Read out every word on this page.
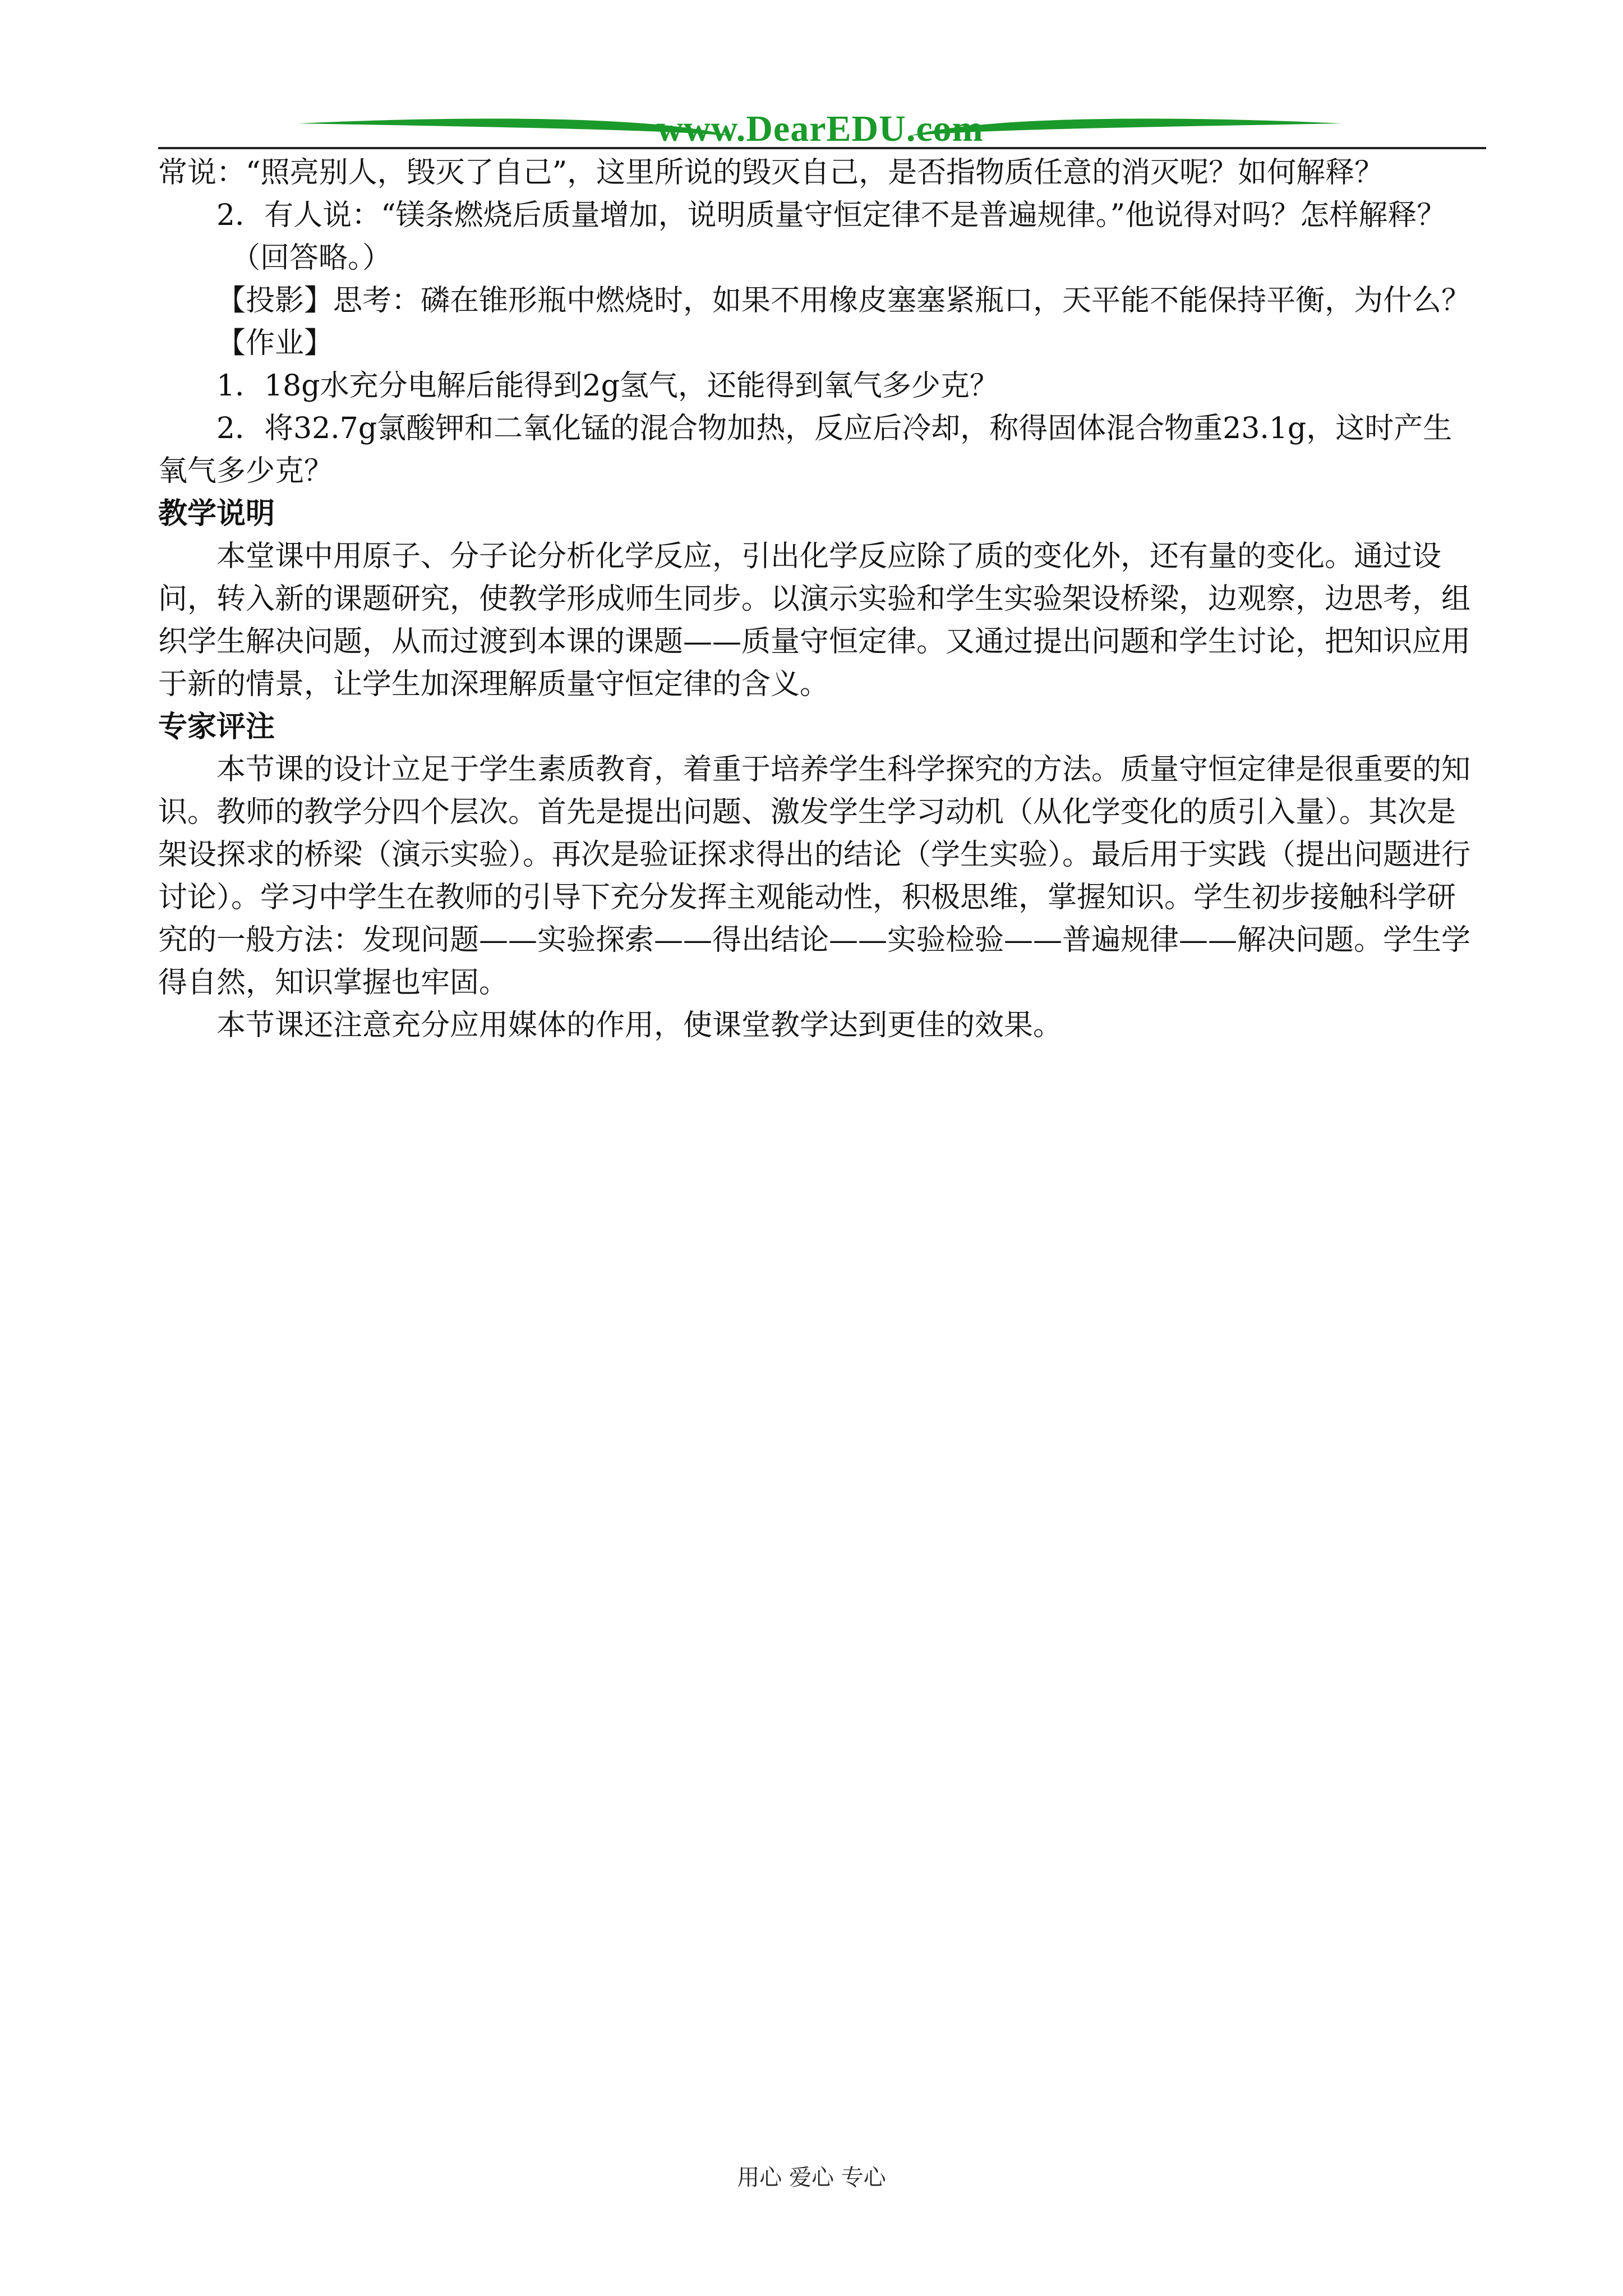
www.DearEDU.com

常说：“照亮别人，毁灭了自己”，这里所说的毁灭自己，是否指物质任意的消灭呢？如何解释？

2．有人说：“镁条燃烧后质量增加，说明质量守恒定律不是普遍规律。”他说得对吗？怎样解释？

（回答略。）

【投影】思考：磷在锥形瓶中燃烧时，如果不用橡皮塞塞紧瓶口，天平能不能保持平衡，为什么？

【作业】

1．18g水充分电解后能得到2g氢气，还能得到氧气多少克？

2．将32.7g氯酸钾和二氧化锰的混合物加热，反应后冷却，称得固体混合物重23.1g，这时产生氧气多少克？

教学说明

本堂课中用原子、分子论分析化学反应，引出化学反应除了质的变化外，还有量的变化。通过设问，转入新的课题研究，使教学形成师生同步。以演示实验和学生实验架设桥梁，边观察，边思考，组织学生解决问题，从而过渡到本课的课题——质量守恒定律。又通过提出问题和学生讨论，把知识应用于新的情景，让学生加深理解质量守恒定律的含义。

专家评注

本节课的设计立足于学生素质教育，着重于培养学生科学探究的方法。质量守恒定律是很重要的知识。教师的教学分四个层次。首先是提出问题、激发学生学习动机（从化学变化的质引入量）。其次是架设探求的桥梁（演示实验）。再次是验证探求得出的结论（学生实验）。最后用于实践（提出问题进行讨论）。学习中学生在教师的引导下充分发挥主观能动性，积极思维，掌握知识。学生初步接触科学研究的一般方法：发现问题——实验探索——得出结论——实验检验——普遍规律——解决问题。学生学得自然，知识掌握也牢固。

本节课还注意充分应用媒体的作用，使课堂教学达到更佳的效果。

用心 爱心 专心
